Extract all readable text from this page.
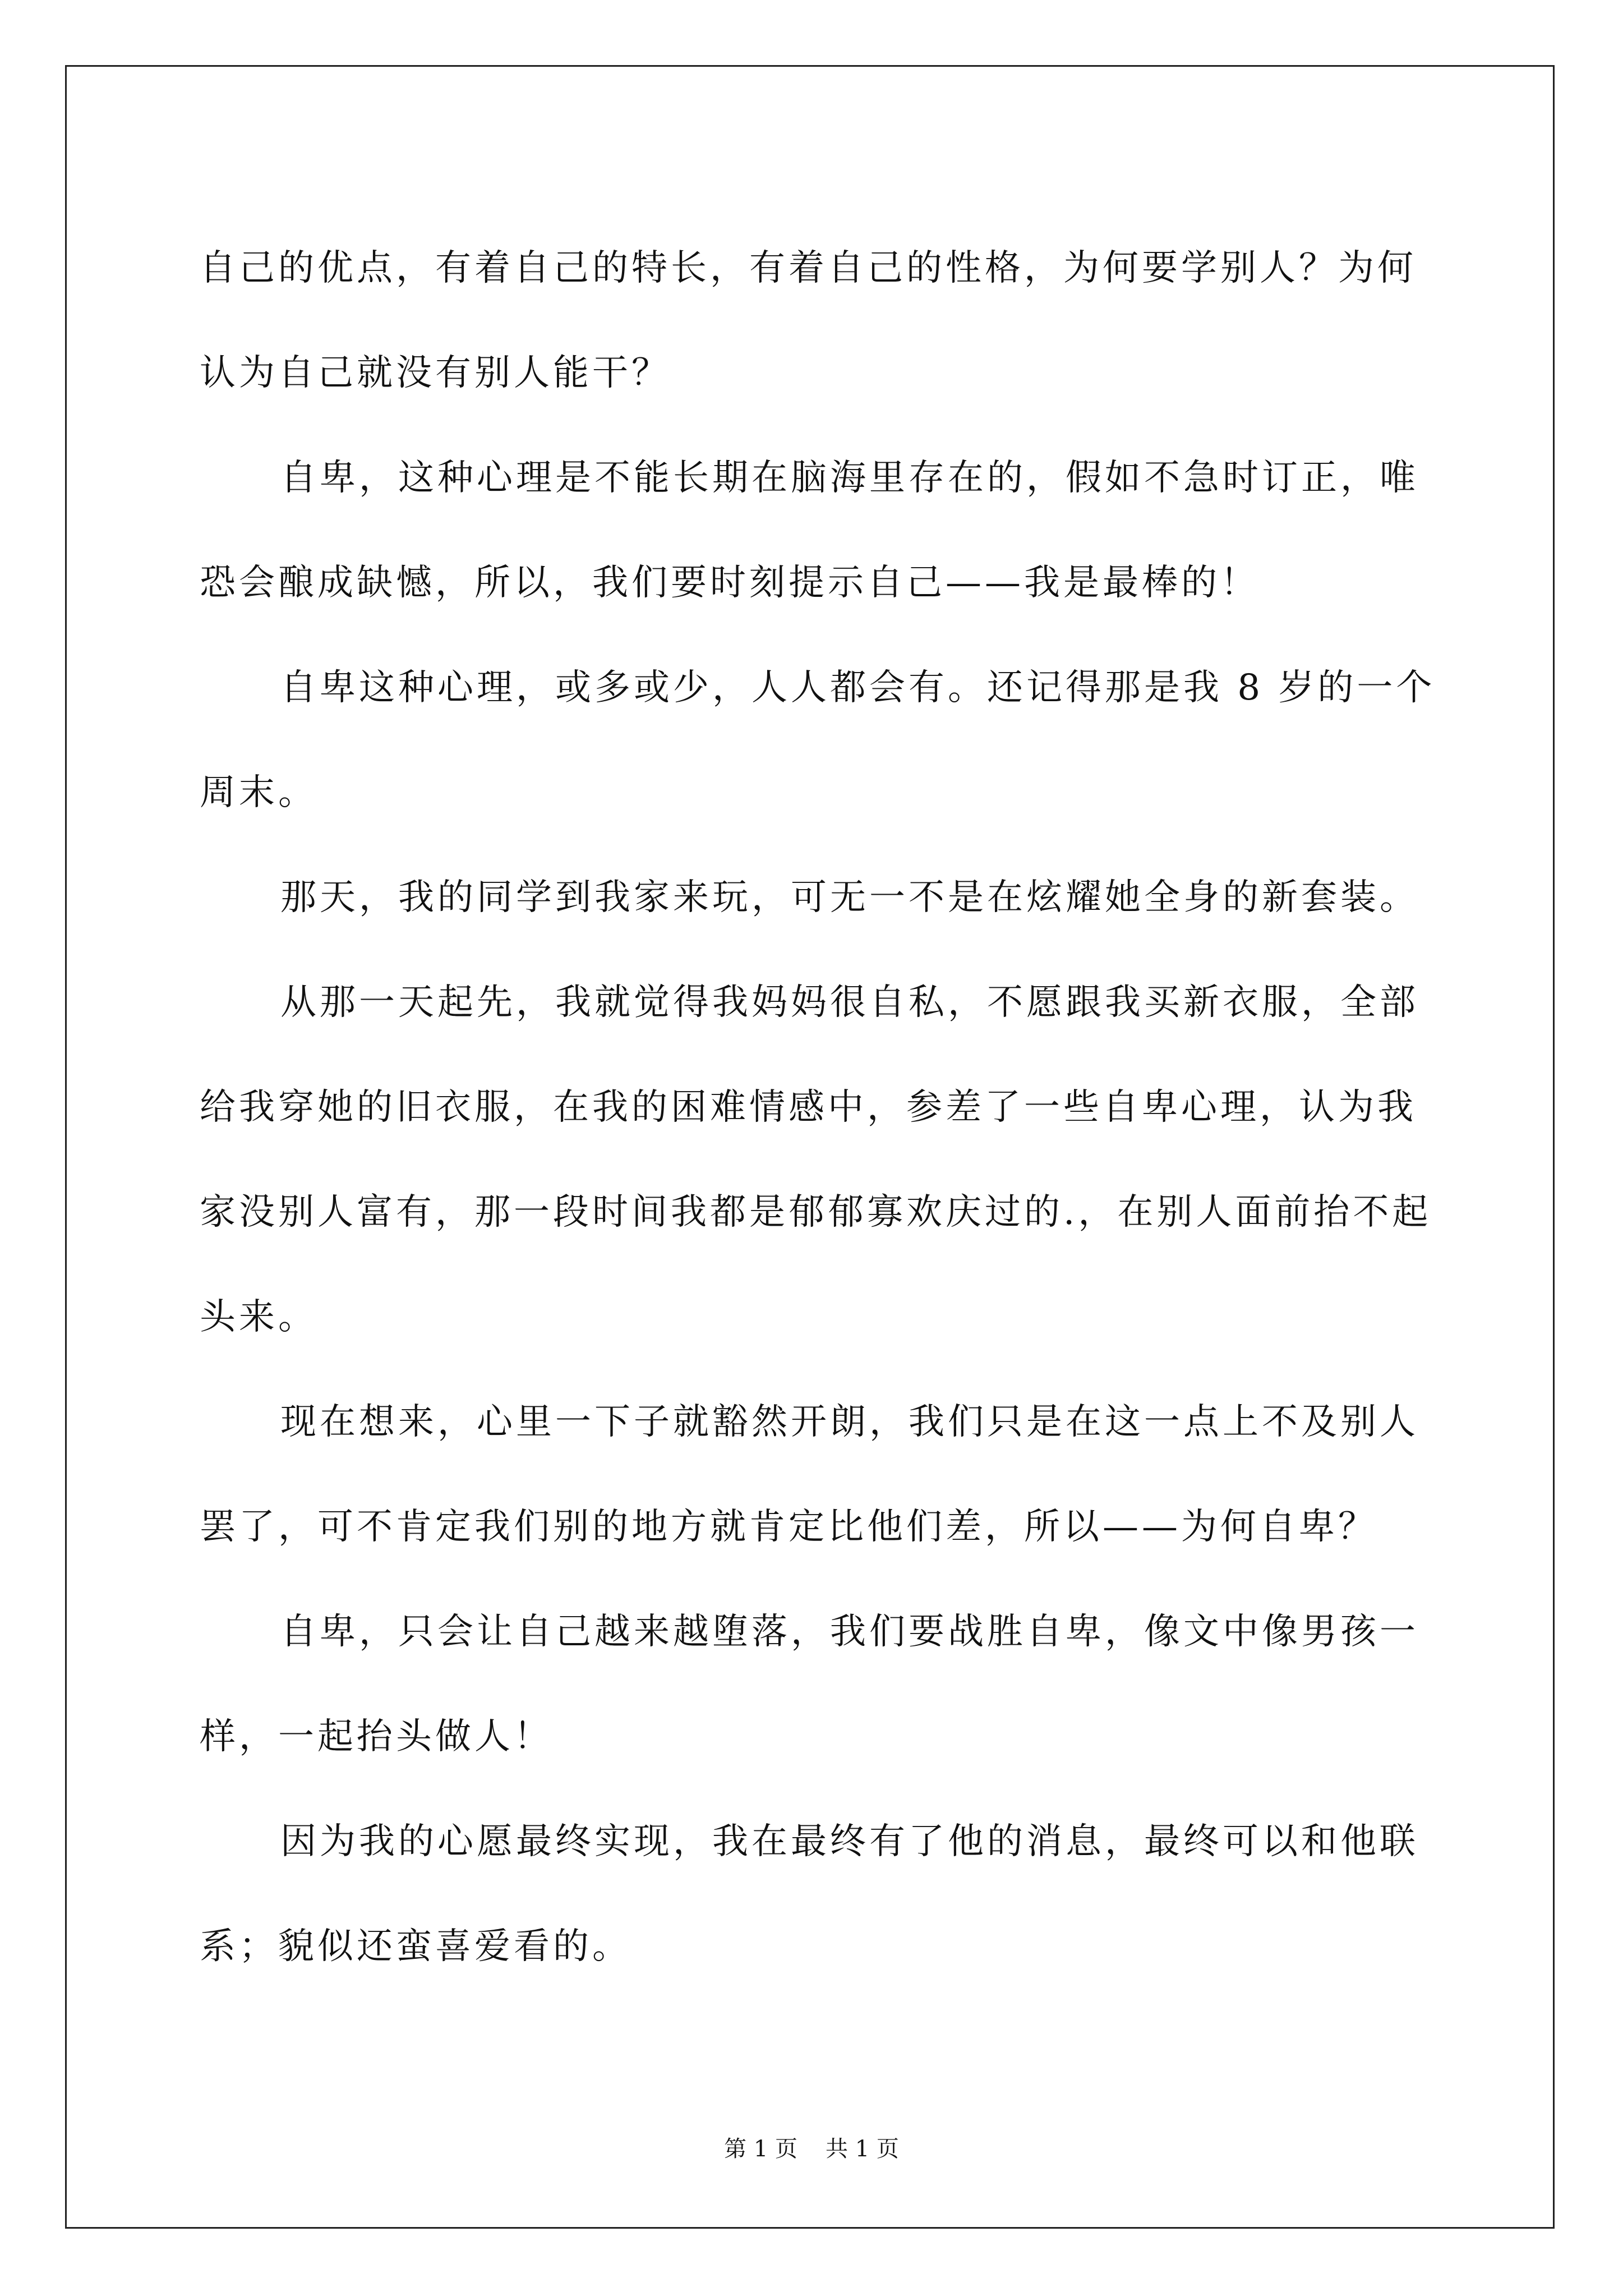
自己的优点，有着自己的特长，有着自己的性格，为何要学别人？为何认为自己就没有别人能干？

自卑，这种心理是不能长期在脑海里存在的，假如不急时订正，唯恐会酿成缺憾，所以，我们要时刻提示自己——我是最棒的！

自卑这种心理，或多或少，人人都会有。还记得那是我 8 岁的一个周末。

那天，我的同学到我家来玩，可无一不是在炫耀她全身的新套装。

从那一天起先，我就觉得我妈妈很自私，不愿跟我买新衣服，全部给我穿她的旧衣服，在我的困难情感中，参差了一些自卑心理，认为我家没别人富有，那一段时间我都是郁郁寡欢庆过的.，在别人面前抬不起头来。

现在想来，心里一下子就豁然开朗，我们只是在这一点上不及别人罢了，可不肯定我们别的地方就肯定比他们差，所以——为何自卑？

自卑，只会让自己越来越堕落，我们要战胜自卑，像文中像男孩一样，一起抬头做人！

因为我的心愿最终实现，我在最终有了他的消息，最终可以和他联系；貌似还蛮喜爱看的。

第 1 页 共 1 页
